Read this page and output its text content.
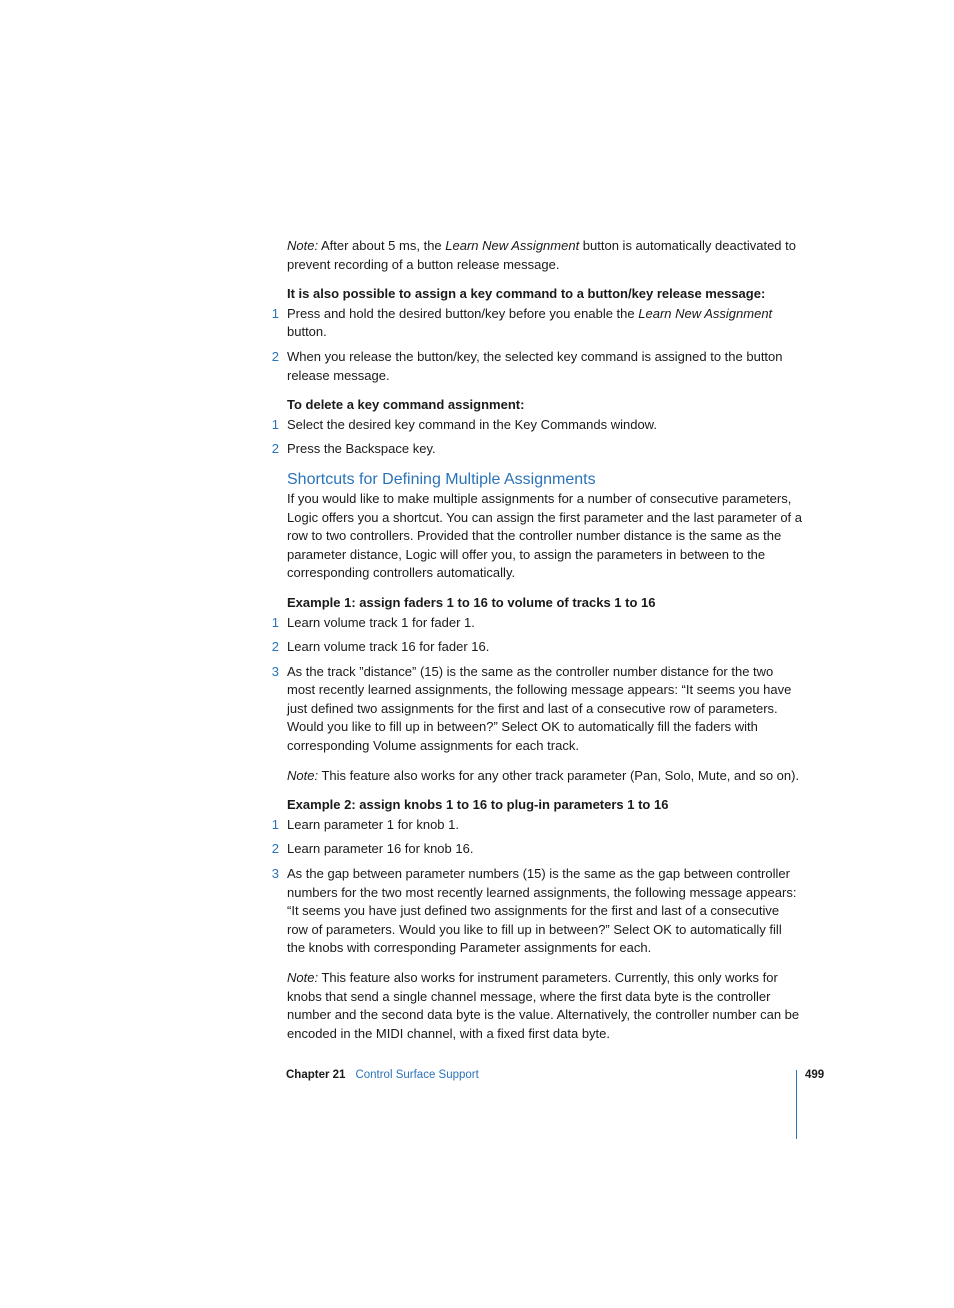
Note: After about 5 ms, the Learn New Assignment button is automatically deactivated to prevent recording of a button release message.

It is also possible to assign a key command to a button/key release message:

1 Press and hold the desired button/key before you enable the Learn New Assignment button.
2 When you release the button/key, the selected key command is assigned to the button release message.

To delete a key command assignment:

1 Select the desired key command in the Key Commands window.
2 Press the Backspace key.
Shortcuts for Defining Multiple Assignments

If you would like to make multiple assignments for a number of consecutive parameters, Logic offers you a shortcut. You can assign the first parameter and the last parameter of a row to two controllers. Provided that the controller number distance is the same as the parameter distance, Logic will offer you, to assign the parameters in between to the corresponding controllers automatically.

Example 1: assign faders 1 to 16 to volume of tracks 1 to 16

1 Learn volume track 1 for fader 1.
2 Learn volume track 16 for fader 16.
3 As the track ”distance” (15) is the same as the controller number distance for the two most recently learned assignments, the following message appears: “It seems you have just defined two assignments for the first and last of a consecutive row of parameters. Would you like to fill up in between?” Select OK to automatically fill the faders with corresponding Volume assignments for each track.

Note: This feature also works for any other track parameter (Pan, Solo, Mute, and so on).

Example 2: assign knobs 1 to 16 to plug-in parameters 1 to 16

1 Learn parameter 1 for knob 1.
2 Learn parameter 16 for knob 16.
3 As the gap between parameter numbers (15) is the same as the gap between controller numbers for the two most recently learned assignments, the following message appears: “It seems you have just defined two assignments for the first and last of a consecutive row of parameters. Would you like to fill up in between?” Select OK to automatically fill the knobs with corresponding Parameter assignments for each.

Note: This feature also works for instrument parameters. Currently, this only works for knobs that send a single channel message, where the first data byte is the controller number and the second data byte is the value. Alternatively, the controller number can be encoded in the MIDI channel, with a fixed first data byte.

Chapter 21 Control Surface Support	499
